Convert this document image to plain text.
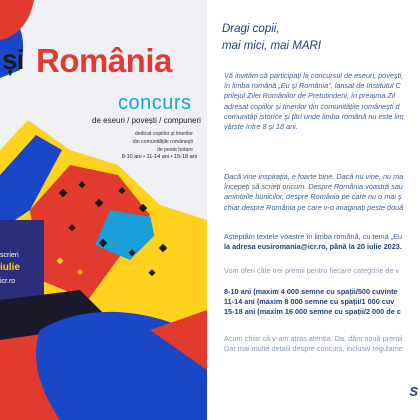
și România

concurs

de eseuri / povești / compuneri

dedicat copiilor și tinerilor

din comunitățile românești

de peste hotare

8-10 ani • 11-14 ani • 15-18 ani

scrieri

iulie

icr.ro

Dragi copii,

mai mici, mai MARI

Vă invităm să participați la concursul de eseuri, povești,

în limba română „Eu și România”, lansat de Institutul C

prilejul Zilei Românilor de Pretutindeni, în preajma Zil

adresat copiilor și tinerilor din comunitățile românești d

comunități istorice și țări unde limba română nu este lim

vârste între 8 și 18 ani.

Dacă vine inspirația, e foarte bine. Dacă nu vine, nu ma

începeți să scrieți oricum. Despre România voastră sau

amintirile bunicilor, despre România pe care nu o mai ș

chiar despre România pe care v-o imaginați peste două

Așteptăm textele voastre în limba română, cu tema „Eu

la adresa eusiromania@icr.ro, până la 20 iulie 2023.

Vom oferi câte trei premii pentru fiecare categorie de v

8-10 ani (maxim 4 000 semne cu spații/500 cuvinte

11-14 ani (maxim 8 000 semne cu spații/1 000 cuv

15-18 ani (maxim 16 000 semne cu spații/2 000 de c

Acum chiar că v-am atras atenția. Da, dăm nouă premii

Dar mai multe detalii despre concurs, inclusiv regulame

S
